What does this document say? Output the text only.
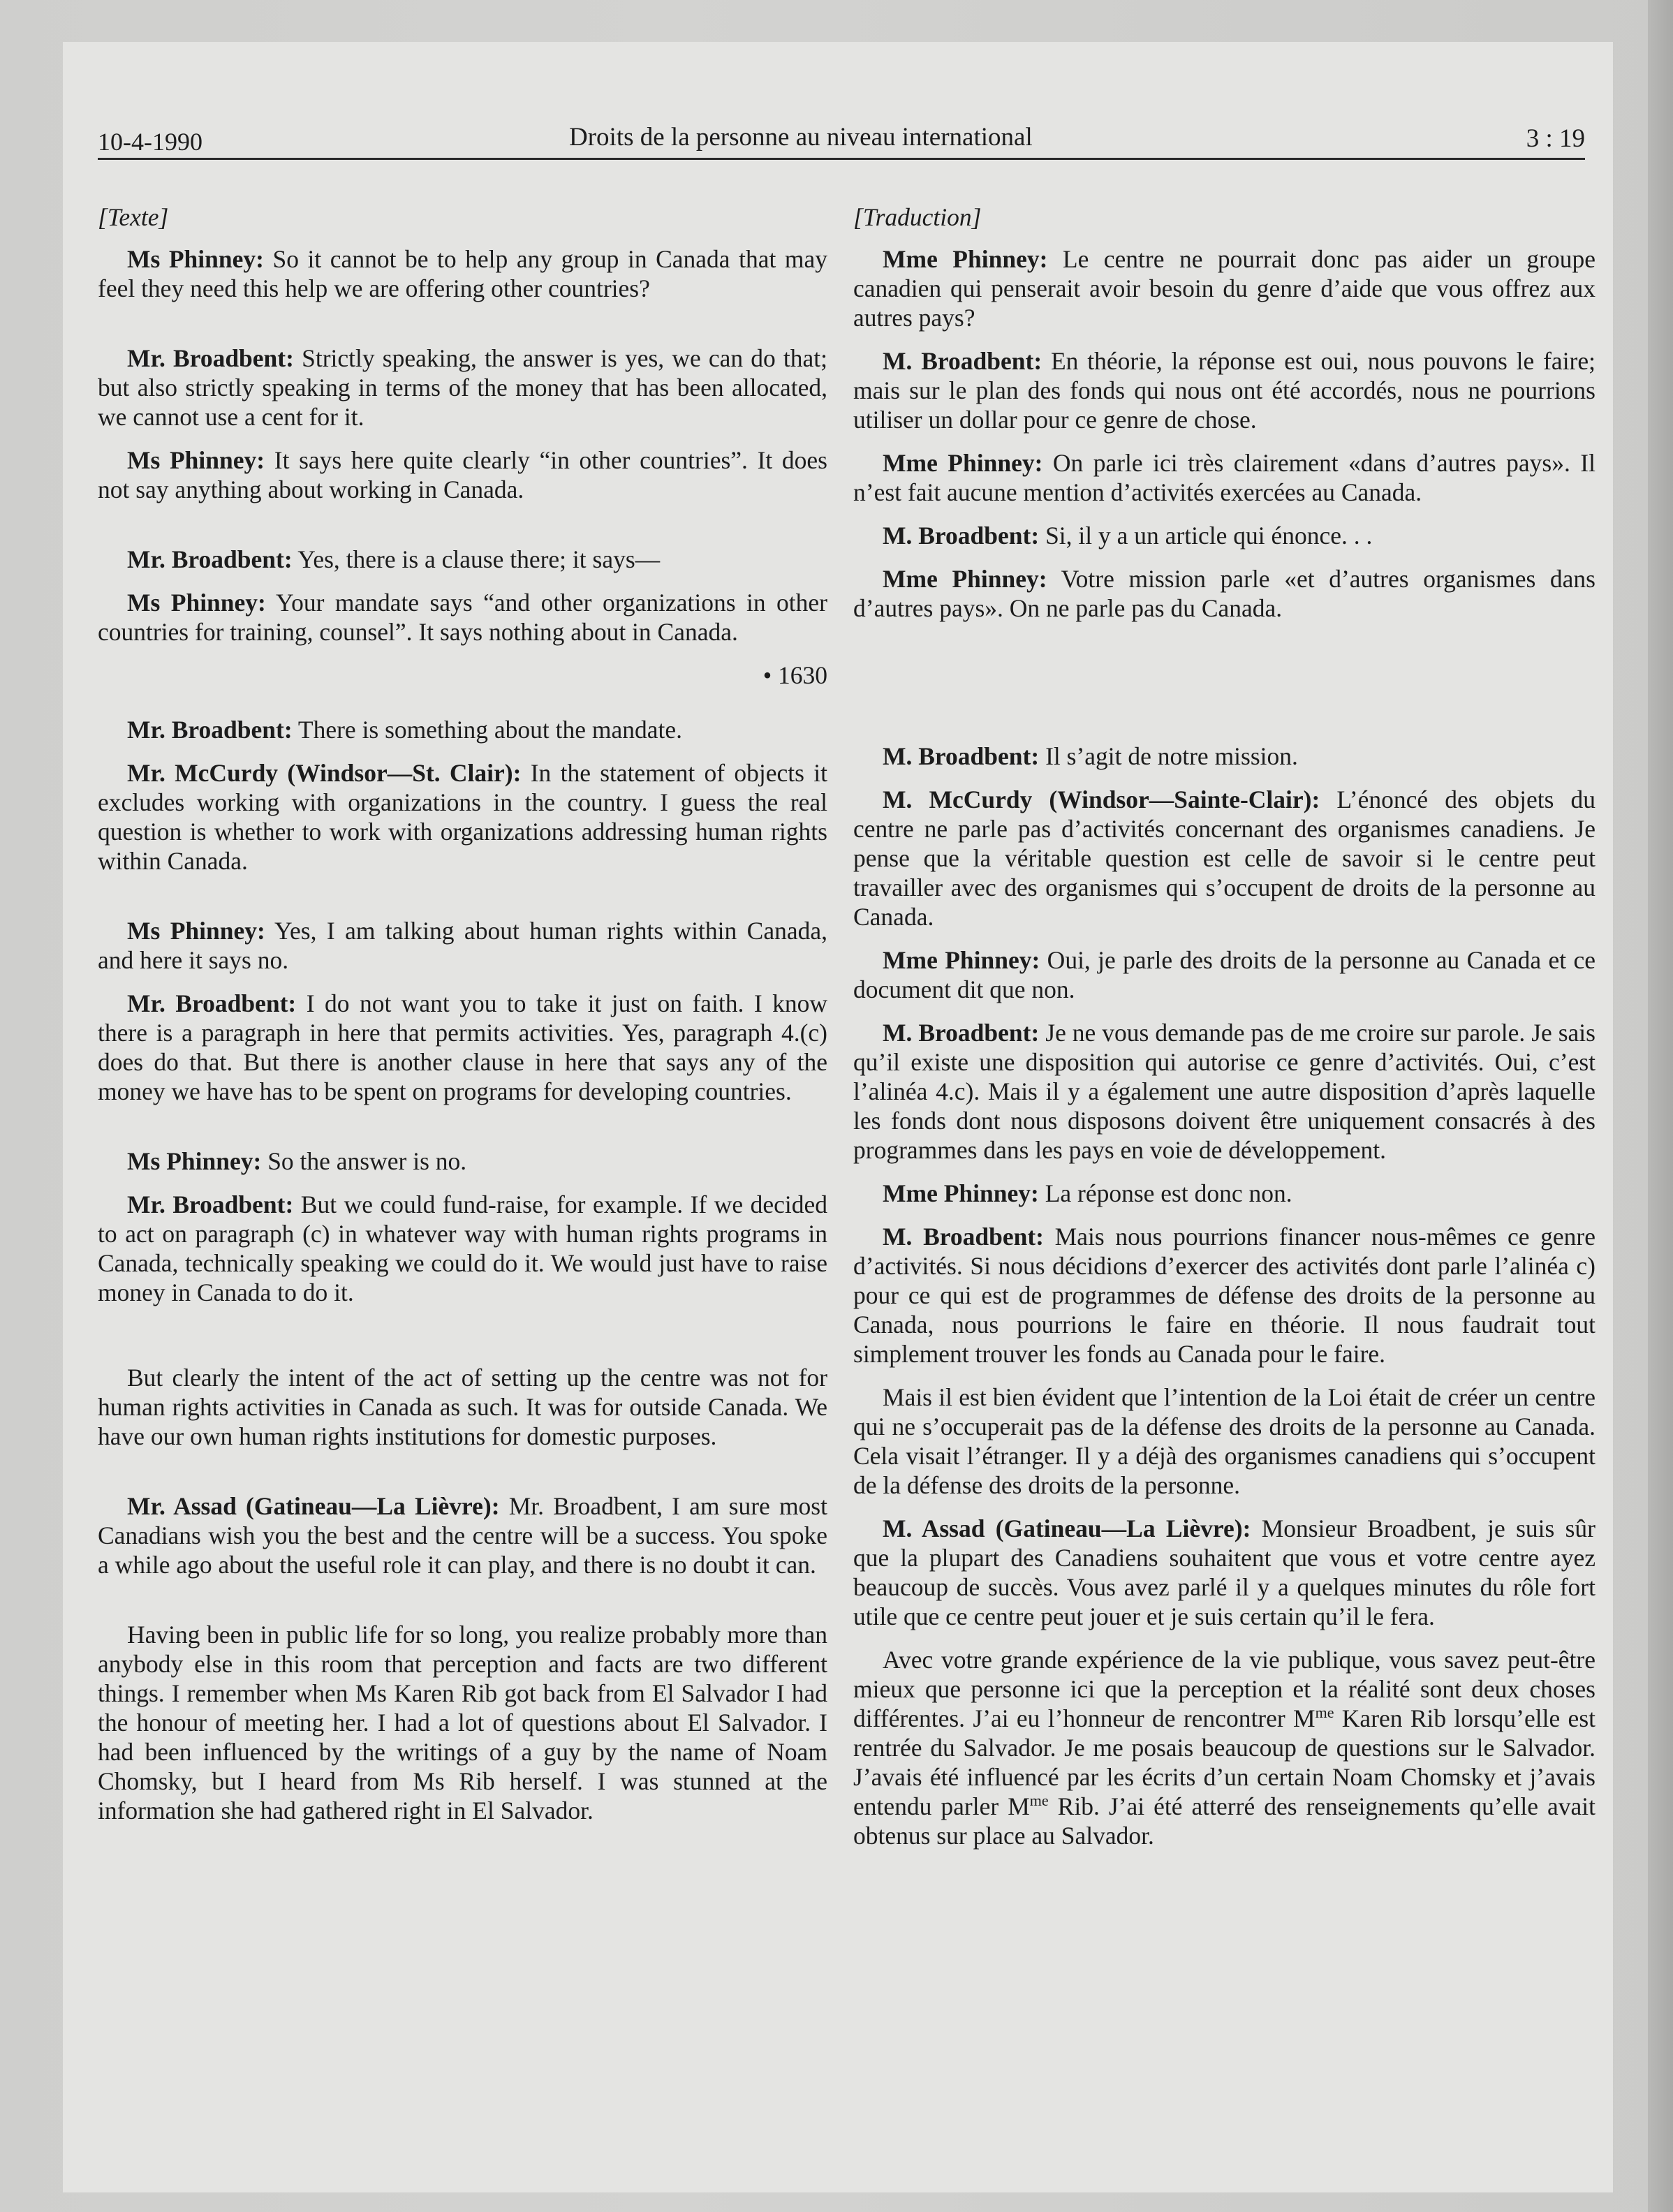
10-4-1990	Droits de la personne au niveau international	3 : 19

[Texte]

Ms Phinney: So it cannot be to help any group in Canada that may feel they need this help we are offering other countries?

Mr. Broadbent: Strictly speaking, the answer is yes, we can do that; but also strictly speaking in terms of the money that has been allocated, we cannot use a cent for it.

Ms Phinney: It says here quite clearly “in other countries”. It does not say anything about working in Canada.

Mr. Broadbent: Yes, there is a clause there; it says—

Ms Phinney: Your mandate says “and other organizations in other countries for training, counsel”. It says nothing about in Canada.

• 1630

Mr. Broadbent: There is something about the mandate.

Mr. McCurdy (Windsor—St. Clair): In the statement of objects it excludes working with organizations in the country. I guess the real question is whether to work with organizations addressing human rights within Canada.

Ms Phinney: Yes, I am talking about human rights within Canada, and here it says no.

Mr. Broadbent: I do not want you to take it just on faith. I know there is a paragraph in here that permits activities. Yes, paragraph 4.(c) does do that. But there is another clause in here that says any of the money we have has to be spent on programs for developing countries.

Ms Phinney: So the answer is no.

Mr. Broadbent: But we could fund-raise, for example. If we decided to act on paragraph (c) in whatever way with human rights programs in Canada, technically speaking we could do it. We would just have to raise money in Canada to do it.

But clearly the intent of the act of setting up the centre was not for human rights activities in Canada as such. It was for outside Canada. We have our own human rights institutions for domestic purposes.

Mr. Assad (Gatineau—La Lièvre): Mr. Broadbent, I am sure most Canadians wish you the best and the centre will be a success. You spoke a while ago about the useful role it can play, and there is no doubt it can.

Having been in public life for so long, you realize probably more than anybody else in this room that perception and facts are two different things. I remember when Ms Karen Rib got back from El Salvador I had the honour of meeting her. I had a lot of questions about El Salvador. I had been influenced by the writings of a guy by the name of Noam Chomsky, but I heard from Ms Rib herself. I was stunned at the information she had gathered right in El Salvador.

[Traduction]

Mme Phinney: Le centre ne pourrait donc pas aider un groupe canadien qui penserait avoir besoin du genre d’aide que vous offrez aux autres pays?

M. Broadbent: En théorie, la réponse est oui, nous pouvons le faire; mais sur le plan des fonds qui nous ont été accordés, nous ne pourrions utiliser un dollar pour ce genre de chose.

Mme Phinney: On parle ici très clairement «dans d’autres pays». Il n’est fait aucune mention d’activités exercées au Canada.

M. Broadbent: Si, il y a un article qui énonce. . .

Mme Phinney: Votre mission parle «et d’autres organismes dans d’autres pays». On ne parle pas du Canada.

M. Broadbent: Il s’agit de notre mission.

M. McCurdy (Windsor—Sainte-Clair): L’énoncé des objets du centre ne parle pas d’activités concernant des organismes canadiens. Je pense que la véritable question est celle de savoir si le centre peut travailler avec des organismes qui s’occupent de droits de la personne au Canada.

Mme Phinney: Oui, je parle des droits de la personne au Canada et ce document dit que non.

M. Broadbent: Je ne vous demande pas de me croire sur parole. Je sais qu’il existe une disposition qui autorise ce genre d’activités. Oui, c’est l’alinéa 4.c). Mais il y a également une autre disposition d’après laquelle les fonds dont nous disposons doivent être uniquement consacrés à des programmes dans les pays en voie de développement.

Mme Phinney: La réponse est donc non.

M. Broadbent: Mais nous pourrions financer nous-mêmes ce genre d’activités. Si nous décidions d’exercer des activités dont parle l’alinéa c) pour ce qui est de programmes de défense des droits de la personne au Canada, nous pourrions le faire en théorie. Il nous faudrait tout simplement trouver les fonds au Canada pour le faire.

Mais il est bien évident que l’intention de la Loi était de créer un centre qui ne s’occuperait pas de la défense des droits de la personne au Canada. Cela visait l’étranger. Il y a déjà des organismes canadiens qui s’occupent de la défense des droits de la personne.

M. Assad (Gatineau—La Lièvre): Monsieur Broadbent, je suis sûr que la plupart des Canadiens souhaitent que vous et votre centre ayez beaucoup de succès. Vous avez parlé il y a quelques minutes du rôle fort utile que ce centre peut jouer et je suis certain qu’il le fera.

Avec votre grande expérience de la vie publique, vous savez peut-être mieux que personne ici que la perception et la réalité sont deux choses différentes. J’ai eu l’honneur de rencontrer $M^{me}$ Karen Rib lorsqu’elle est rentrée du Salvador. Je me posais beaucoup de questions sur le Salvador. J’avais été influencé par les écrits d’un certain Noam Chomsky et j’avais entendu parler $M^{me}$ Rib. J’ai été atterré des renseignements qu’elle avait obtenus sur place au Salvador.
